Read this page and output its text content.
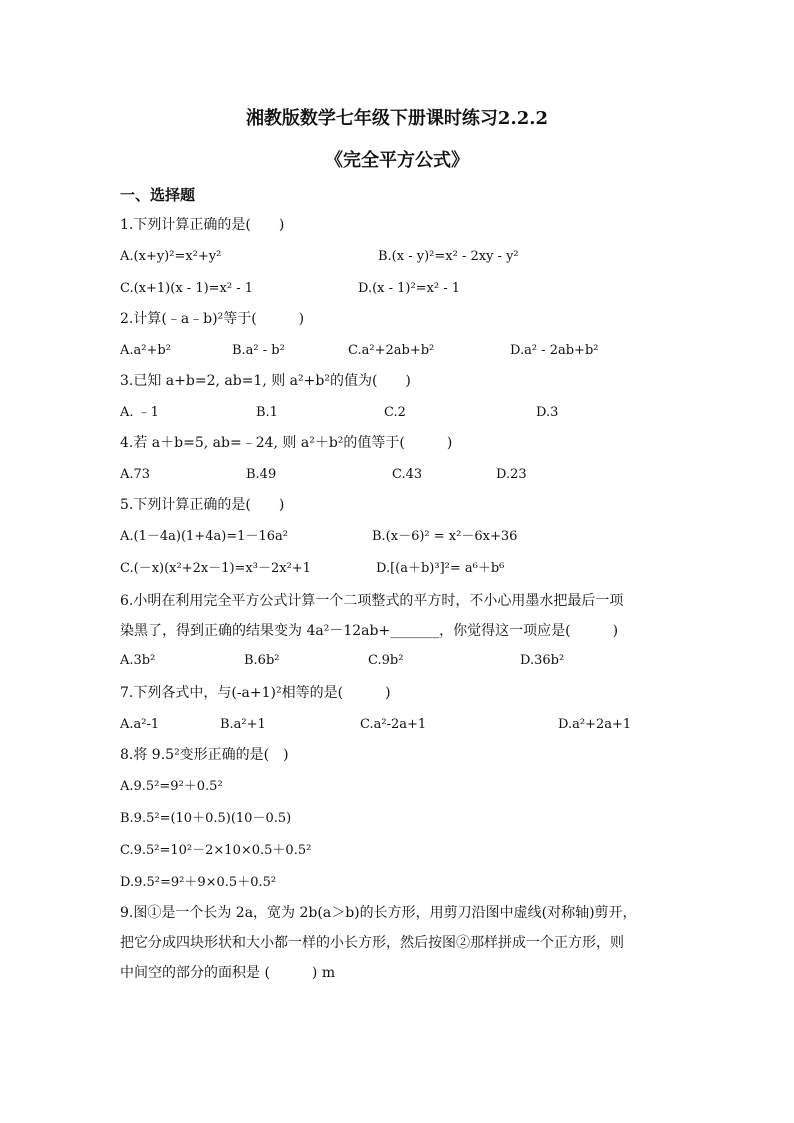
湘教版数学七年级下册课时练习2.2.2
《完全平方公式》
一、选择题
1.下列计算正确的是(　　)
A.(x+y)²=x²+y²	B.(x - y)²=x² - 2xy - y²
C.(x+1)(x - 1)=x² - 1	D.(x - 1)²=x² - 1
2.计算(﹣a﹣b)²等于(　　　)
A.a²+b²	B.a² - b²	C.a²+2ab+b²	D.a² - 2ab+b²
3.已知 a+b=2, ab=1, 则 a²+b²的值为(　　)
A. ﹣1	B.1	C.2	D.3
4.若 a＋b=5, ab=﹣24, 则 a²＋b²的值等于(　　　)
A.73	B.49	C.43	D.23
5.下列计算正确的是(　　)
A.(1－4a)(1+4a)=1－16a²	B.(x－6)² = x²－6x+36
C.(－x)(x²+2x－1)=x³－2x²+1	D.[(a＋b)³]²= a⁶＋b⁶
6.小明在利用完全平方公式计算一个二项整式的平方时，不小心用墨水把最后一项
染黑了，得到正确的结果变为 4a²－12ab+_______，你觉得这一项应是(　　　)
A.3b²	B.6b²	C.9b²	D.36b²
7.下列各式中，与(-a+1)²相等的是(　　　)
A.a²-1	B.a²+1	C.a²-2a+1	D.a²+2a+1
8.将 9.5²变形正确的是(　)
A.9.5²=9²＋0.5²
B.9.5²=(10＋0.5)(10－0.5)
C.9.5²=10²－2×10×0.5＋0.5²
D.9.5²=9²＋9×0.5＋0.5²
9.图①是一个长为 2a，宽为 2b(a＞b)的长方形，用剪刀沿图中虚线(对称轴)剪开，
把它分成四块形状和大小都一样的小长方形，然后按图②那样拼成一个正方形，则
中间空的部分的面积是 (　　　) m
